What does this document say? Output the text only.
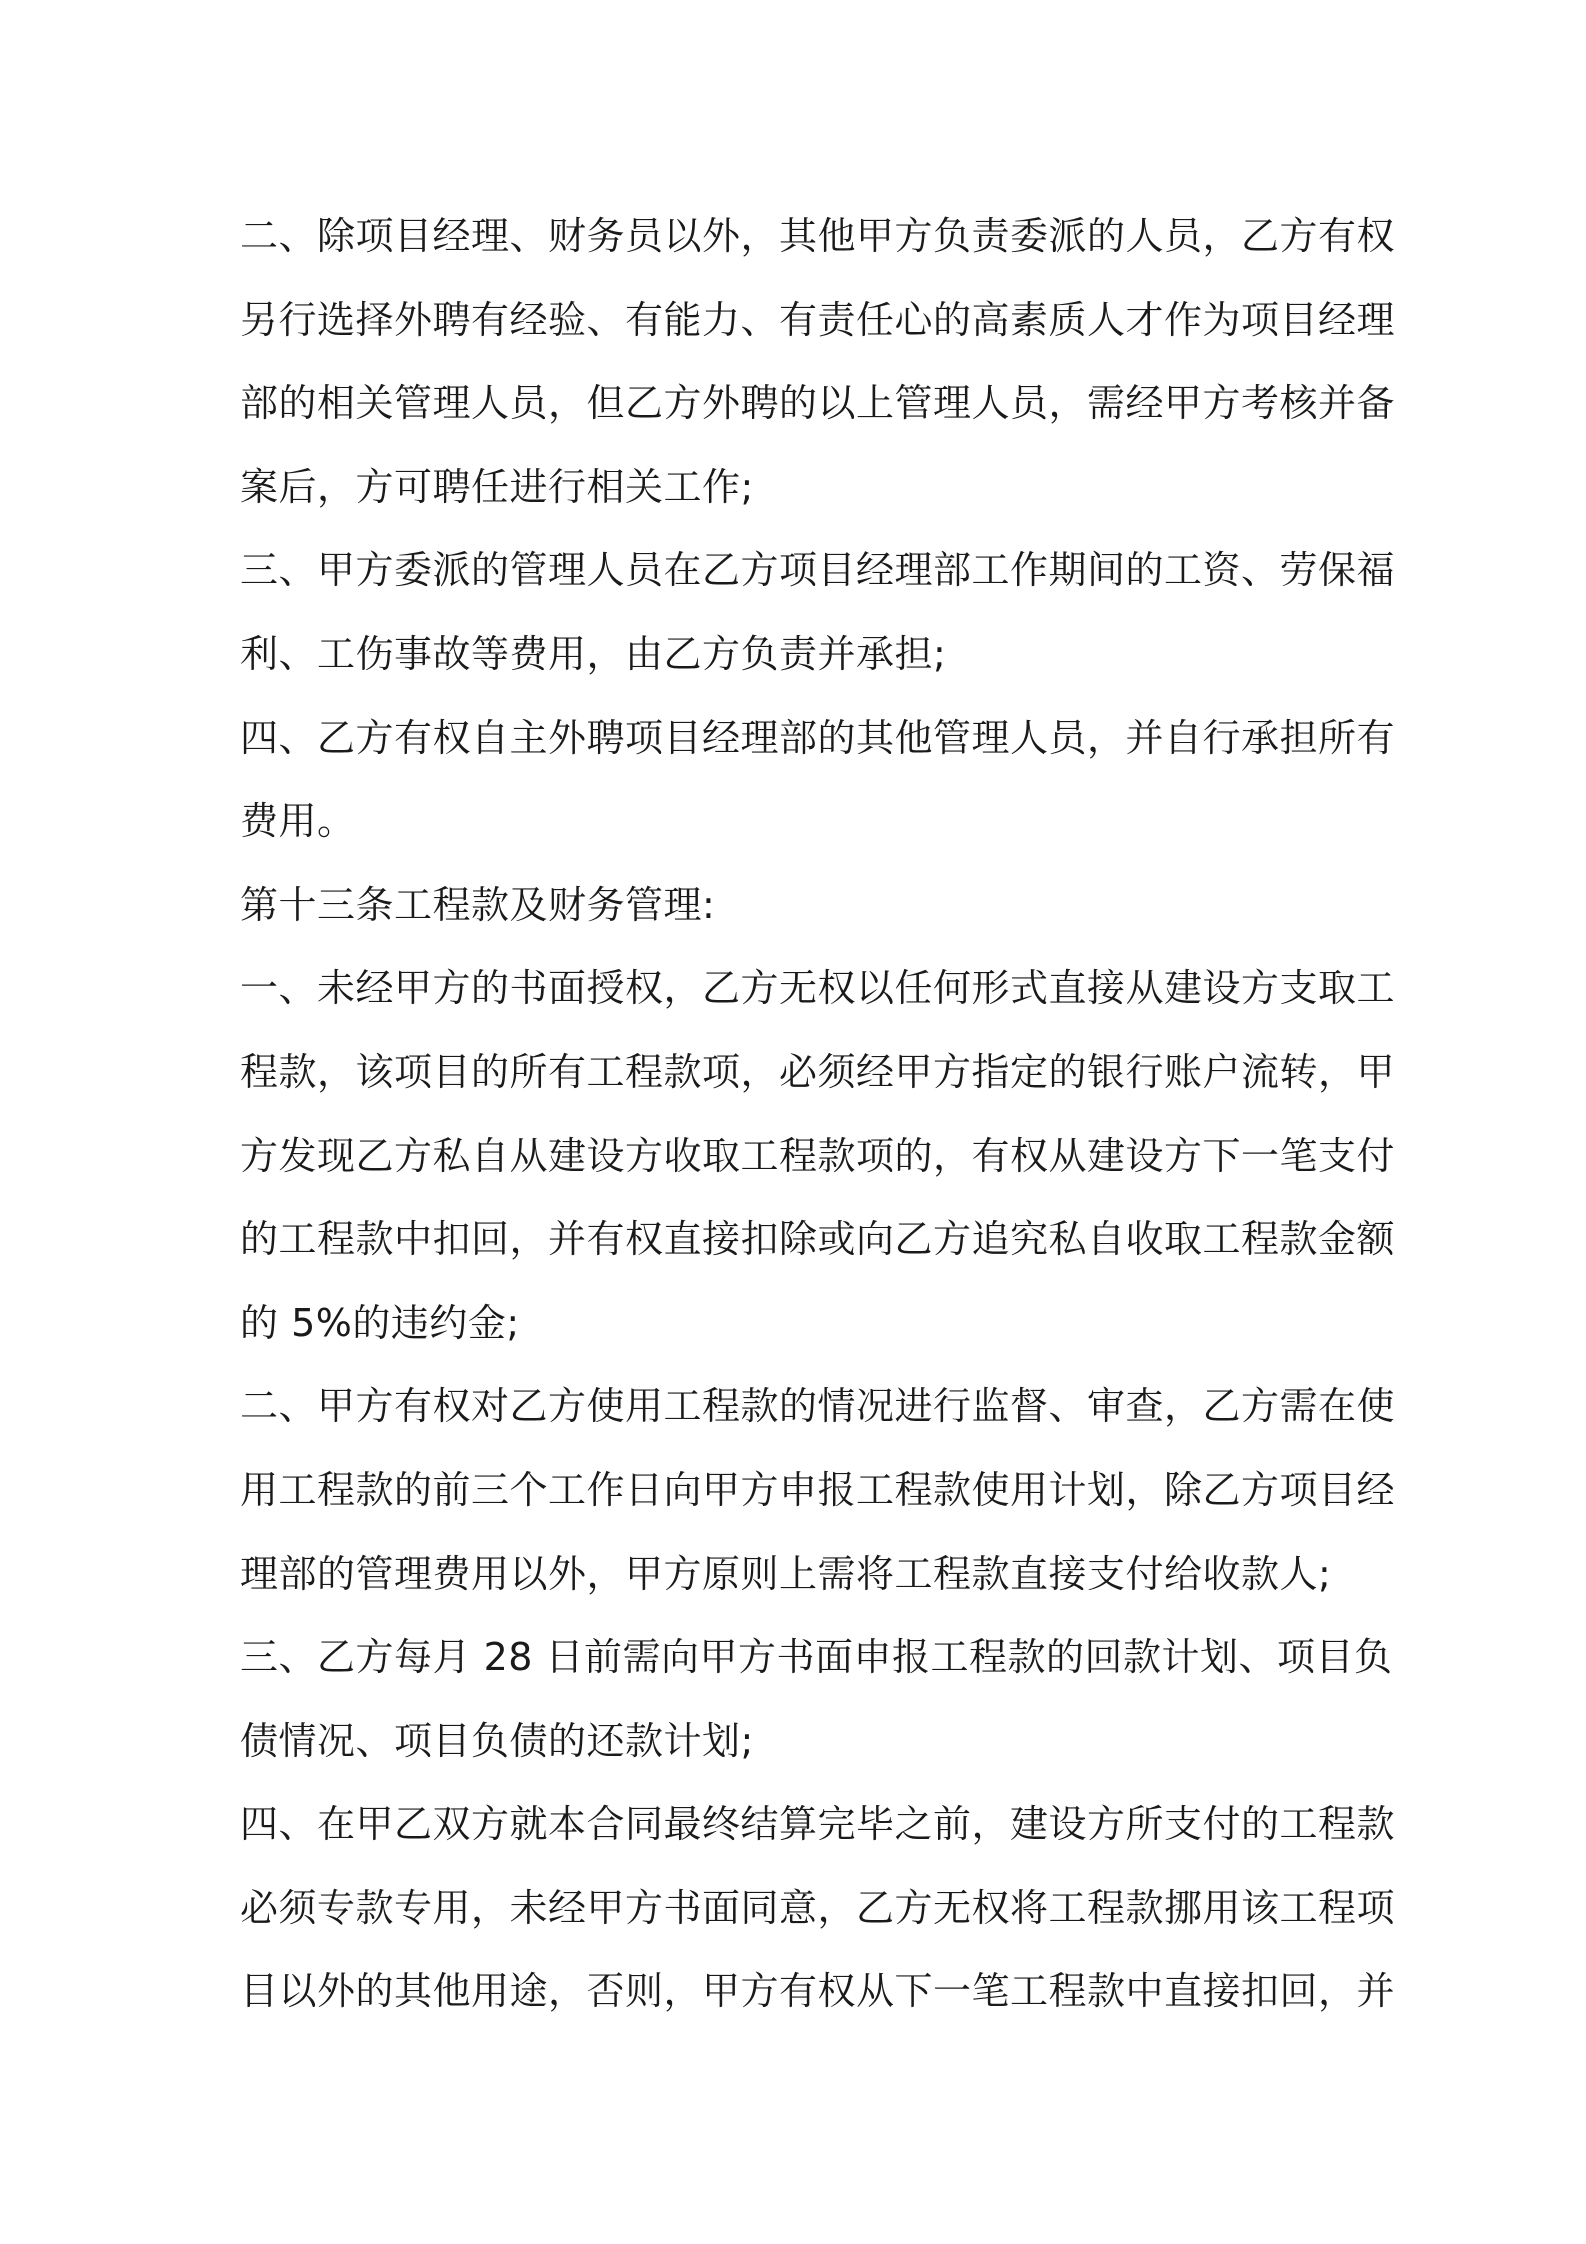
二、除项目经理、财务员以外，其他甲方负责委派的人员，乙方有权
另行选择外聘有经验、有能力、有责任心的高素质人才作为项目经理
部的相关管理人员，但乙方外聘的以上管理人员，需经甲方考核并备
案后，方可聘任进行相关工作;
三、甲方委派的管理人员在乙方项目经理部工作期间的工资、劳保福
利、工伤事故等费用，由乙方负责并承担;
四、乙方有权自主外聘项目经理部的其他管理人员，并自行承担所有
费用。
第十三条工程款及财务管理:
一、未经甲方的书面授权，乙方无权以任何形式直接从建设方支取工
程款，该项目的所有工程款项，必须经甲方指定的银行账户流转，甲
方发现乙方私自从建设方收取工程款项的，有权从建设方下一笔支付
的工程款中扣回，并有权直接扣除或向乙方追究私自收取工程款金额
的 5%的违约金;
二、甲方有权对乙方使用工程款的情况进行监督、审查，乙方需在使
用工程款的前三个工作日向甲方申报工程款使用计划，除乙方项目经
理部的管理费用以外，甲方原则上需将工程款直接支付给收款人;
三、乙方每月 28 日前需向甲方书面申报工程款的回款计划、项目负
债情况、项目负债的还款计划;
四、在甲乙双方就本合同最终结算完毕之前，建设方所支付的工程款
必须专款专用，未经甲方书面同意，乙方无权将工程款挪用该工程项
目以外的其他用途，否则，甲方有权从下一笔工程款中直接扣回，并
